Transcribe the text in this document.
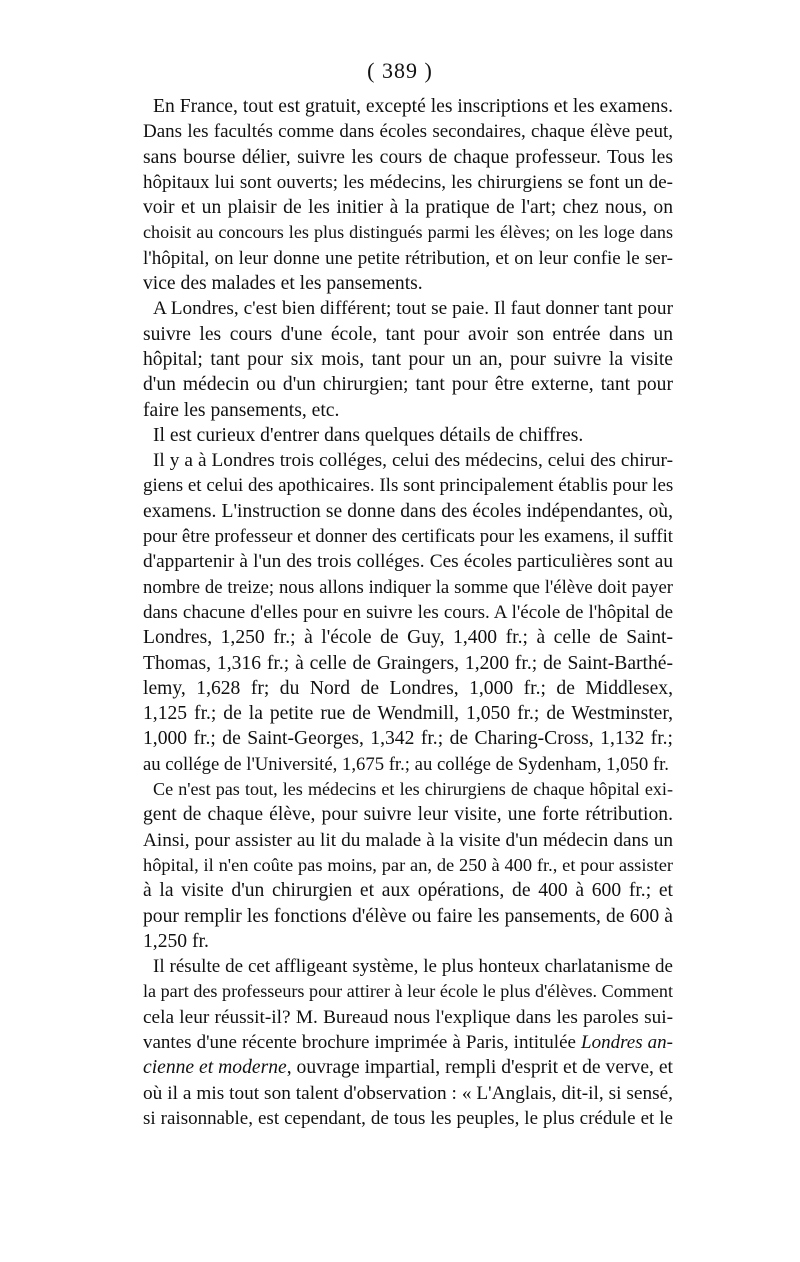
( 389 )
En France, tout est gratuit, excepté les inscriptions et les examens.
Dans les facultés comme dans écoles secondaires, chaque élève peut,
sans bourse délier, suivre les cours de chaque professeur. Tous les
hôpitaux lui sont ouverts; les médecins, les chirurgiens se font un de-
voir et un plaisir de les initier à la pratique de l'art; chez nous, on
choisit au concours les plus distingués parmi les élèves; on les loge dans
l'hôpital, on leur donne une petite rétribution, et on leur confie le ser-
vice des malades et les pansements.
A Londres, c'est bien différent; tout se paie. Il faut donner tant pour
suivre les cours d'une école, tant pour avoir son entrée dans un
hôpital; tant pour six mois, tant pour un an, pour suivre la visite
d'un médecin ou d'un chirurgien; tant pour être externe, tant pour
faire les pansements, etc.
Il est curieux d'entrer dans quelques détails de chiffres.
Il y a à Londres trois colléges, celui des médecins, celui des chirur-
giens et celui des apothicaires. Ils sont principalement établis pour les
examens. L'instruction se donne dans des écoles indépendantes, où,
pour être professeur et donner des certificats pour les examens, il suffit
d'appartenir à l'un des trois colléges. Ces écoles particulières sont au
nombre de treize; nous allons indiquer la somme que l'élève doit payer
dans chacune d'elles pour en suivre les cours. A l'école de l'hôpital de
Londres, 1,250 fr.; à l'école de Guy, 1,400 fr.; à celle de Saint-
Thomas, 1,316 fr.; à celle de Graingers, 1,200 fr.; de Saint-Barthé-
lemy, 1,628 fr; du Nord de Londres, 1,000 fr.; de Middlesex,
1,125 fr.; de la petite rue de Wendmill, 1,050 fr.; de Westminster,
1,000 fr.; de Saint-Georges, 1,342 fr.; de Charing-Cross, 1,132 fr.;
au collége de l'Université, 1,675 fr.; au collége de Sydenham, 1,050 fr.
Ce n'est pas tout, les médecins et les chirurgiens de chaque hôpital exi-
gent de chaque élève, pour suivre leur visite, une forte rétribution.
Ainsi, pour assister au lit du malade à la visite d'un médecin dans un
hôpital, il n'en coûte pas moins, par an, de 250 à 400 fr., et pour assister
à la visite d'un chirurgien et aux opérations, de 400 à 600 fr.; et
pour remplir les fonctions d'élève ou faire les pansements, de 600 à
1,250 fr.
Il résulte de cet affligeant système, le plus honteux charlatanisme de
la part des professeurs pour attirer à leur école le plus d'élèves. Comment
cela leur réussit-il? M. Bureaud nous l'explique dans les paroles sui-
vantes d'une récente brochure imprimée à Paris, intitulée Londres an-
cienne et moderne, ouvrage impartial, rempli d'esprit et de verve, et
où il a mis tout son talent d'observation : « L'Anglais, dit-il, si sensé,
si raisonnable, est cependant, de tous les peuples, le plus crédule et le
